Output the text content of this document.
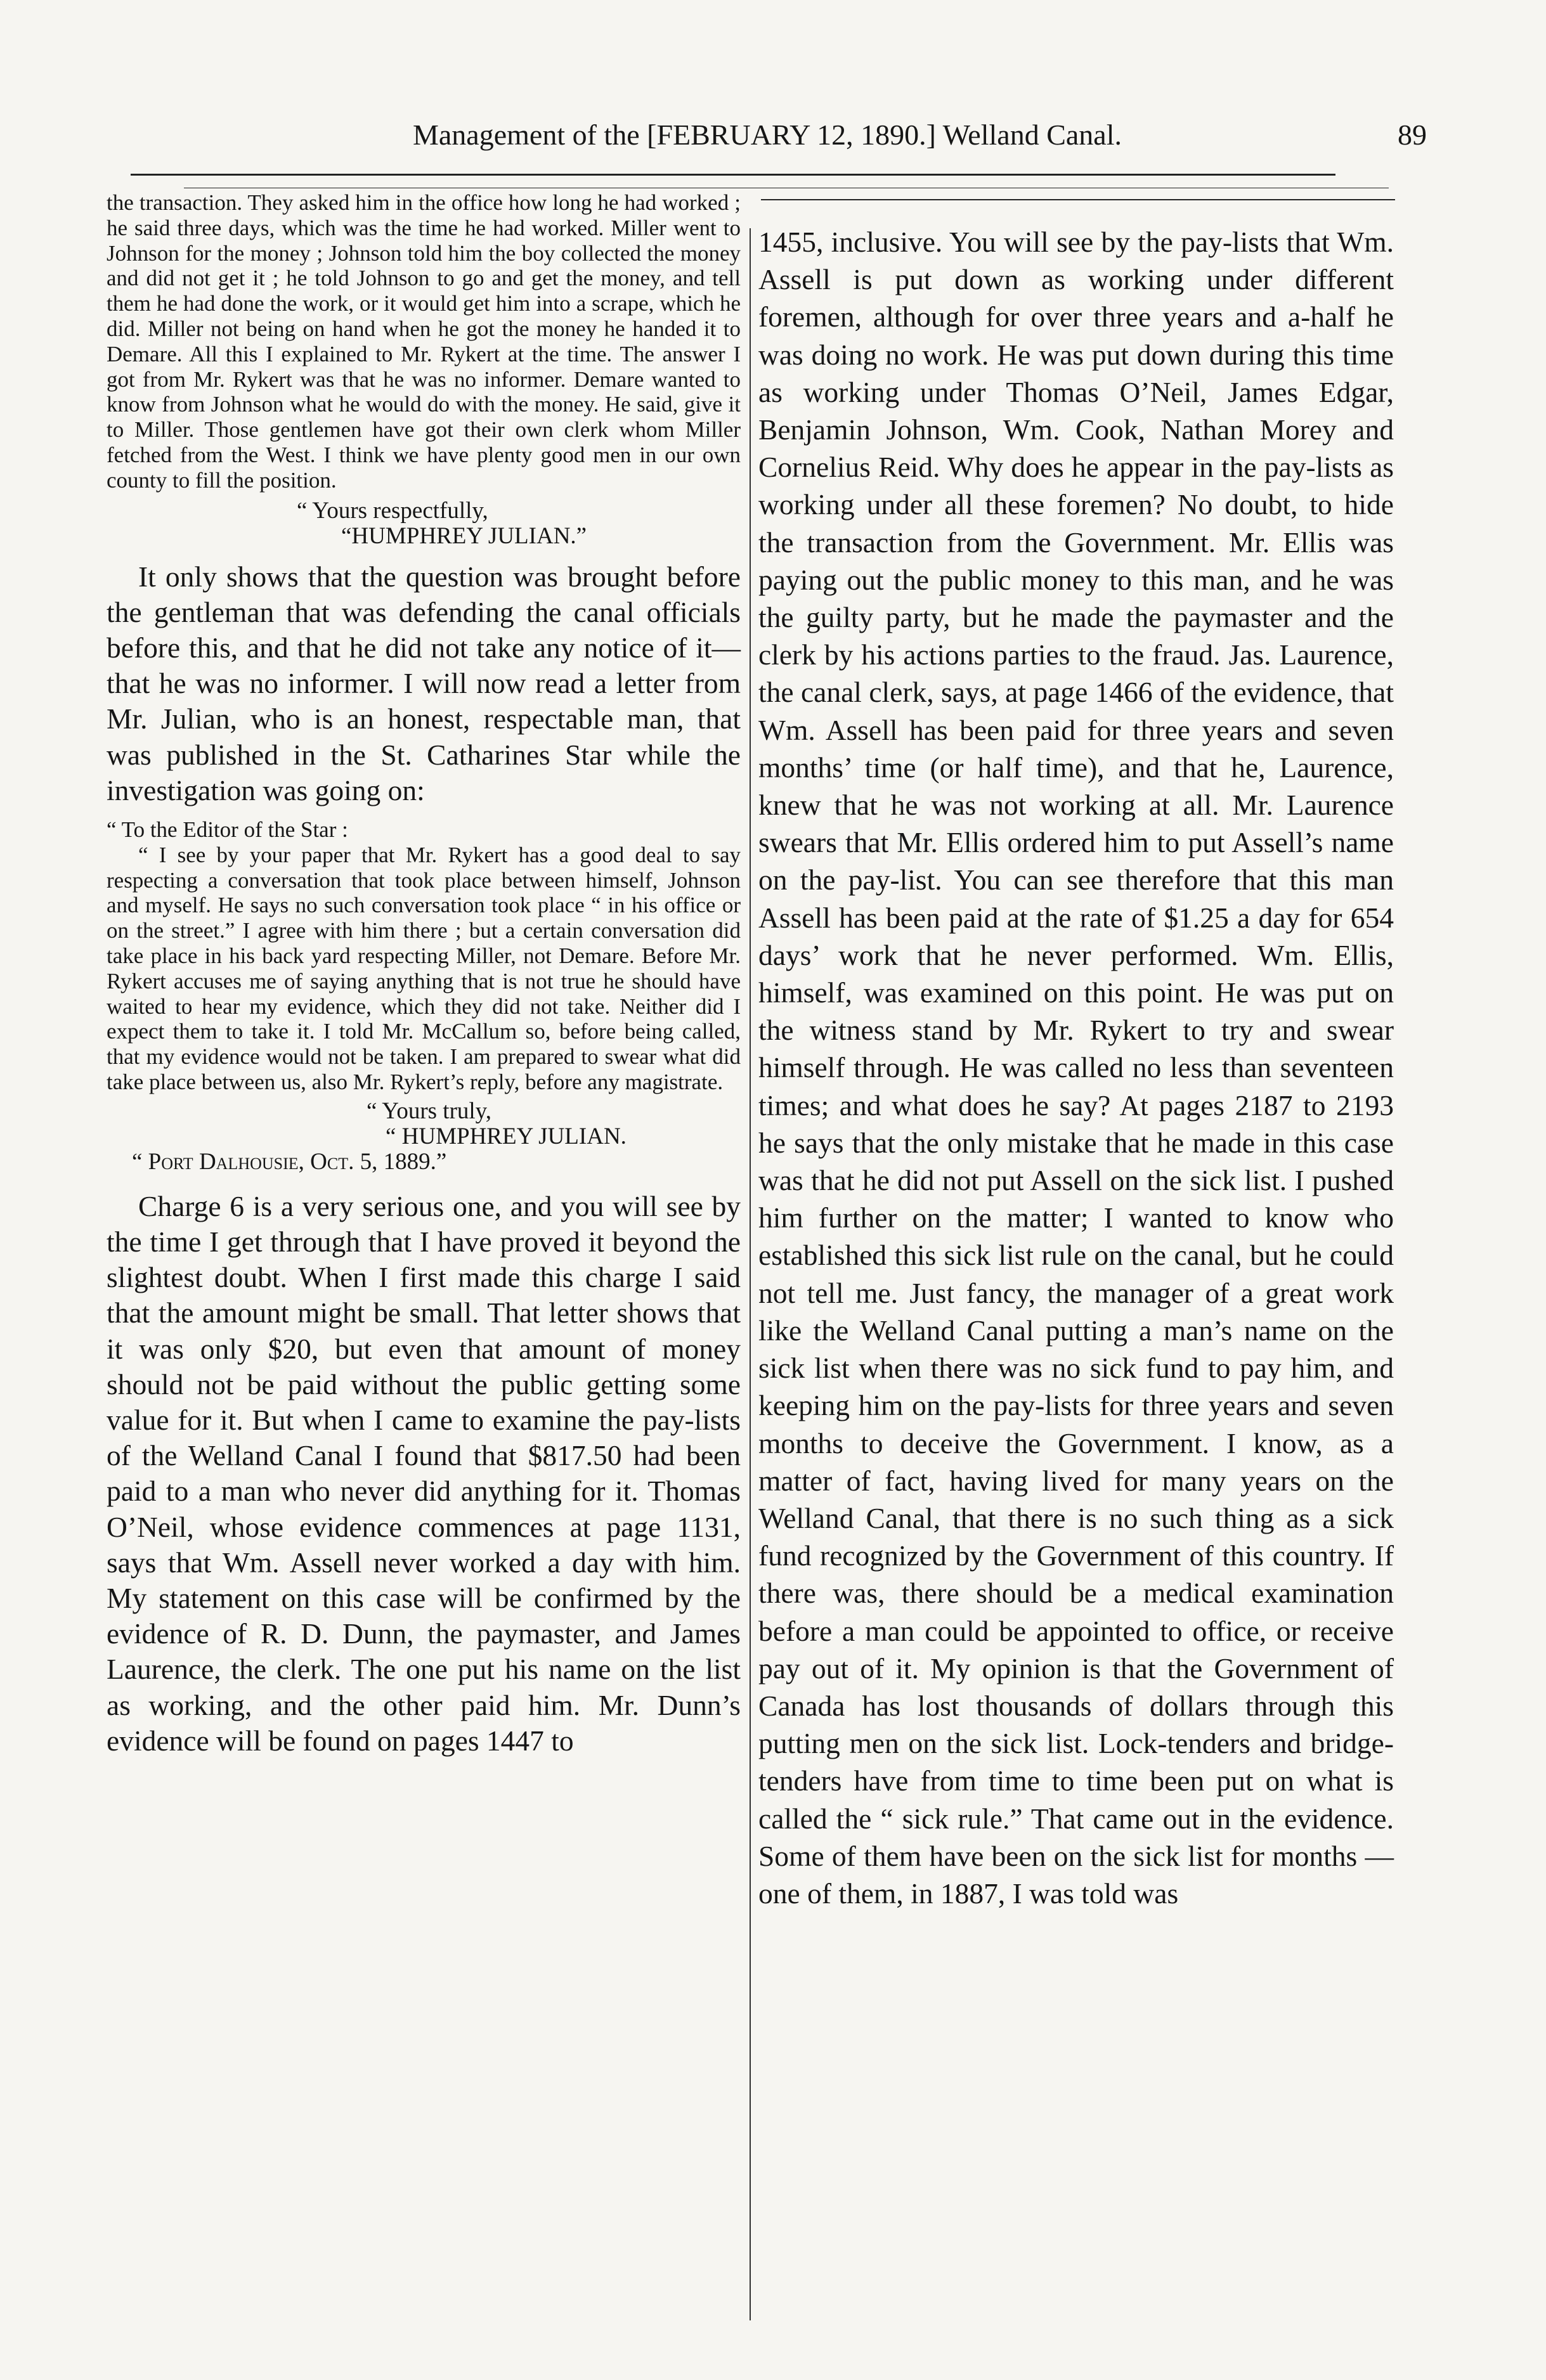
Management of the [FEBRUARY 12, 1890.] Welland Canal.	89

the transaction. They asked him in the office how long he had worked ; he said three days, which was the time he had worked. Miller went to Johnson for the money ; Johnson told him the boy collected the money and did not get it ; he told Johnson to go and get the money, and tell them he had done the work, or it would get him into a scrape, which he did. Miller not being on hand when he got the money he handed it to Demare. All this I explained to Mr. Rykert at the time. The answer I got from Mr. Rykert was that he was no informer. Demare wanted to know from Johnson what he would do with the money. He said, give it to Miller. Those gentlemen have got their own clerk whom Miller fetched from the West. I think we have plenty good men in our own county to fill the position.

“ Yours respectfully,
“HUMPHREY JULIAN.”

It only shows that the question was brought before the gentleman that was defending the canal officials before this, and that he did not take any notice of it—that he was no informer. I will now read a letter from Mr. Julian, who is an honest, respectable man, that was published in the St. Catharines Star while the investigation was going on:

“ To the Editor of the Star :

“ I see by your paper that Mr. Rykert has a good deal to say respecting a conversation that took place between himself, Johnson and myself. He says no such conversation took place “ in his office or on the street.” I agree with him there ; but a certain conversation did take place in his back yard respecting Miller, not Demare. Before Mr. Rykert accuses me of saying anything that is not true he should have waited to hear my evidence, which they did not take. Neither did I expect them to take it. I told Mr. McCallum so, before being called, that my evidence would not be taken. I am prepared to swear what did take place between us, also Mr. Rykert’s reply, before any magistrate.

“ Yours truly,
“ HUMPHREY JULIAN.
“ Port Dalhousie, Oct. 5, 1889.”

Charge 6 is a very serious one, and you will see by the time I get through that I have proved it beyond the slightest doubt. When I first made this charge I said that the amount might be small. That letter shows that it was only $20, but even that amount of money should not be paid without the public getting some value for it. But when I came to examine the pay-lists of the Welland Canal I found that $817.50 had been paid to a man who never did anything for it. Thomas O’Neil, whose evidence commences at page 1131, says that Wm. Assell never worked a day with him. My statement on this case will be confirmed by the evidence of R. D. Dunn, the paymaster, and James Laurence, the clerk. The one put his name on the list as working, and the other paid him. Mr. Dunn’s evidence will be found on pages 1447 to

1455, inclusive. You will see by the pay-lists that Wm. Assell is put down as working under different foremen, although for over three years and a-half he was doing no work. He was put down during this time as working under Thomas O’Neil, James Edgar, Benjamin Johnson, Wm. Cook, Nathan Morey and Cornelius Reid. Why does he appear in the pay-lists as working under all these foremen? No doubt, to hide the transaction from the Government. Mr. Ellis was paying out the public money to this man, and he was the guilty party, but he made the paymaster and the clerk by his actions parties to the fraud. Jas. Laurence, the canal clerk, says, at page 1466 of the evidence, that Wm. Assell has been paid for three years and seven months’ time (or half time), and that he, Laurence, knew that he was not working at all. Mr. Laurence swears that Mr. Ellis ordered him to put Assell’s name on the pay-list. You can see therefore that this man Assell has been paid at the rate of $1.25 a day for 654 days’ work that he never performed. Wm. Ellis, himself, was examined on this point. He was put on the witness stand by Mr. Rykert to try and swear himself through. He was called no less than seventeen times; and what does he say? At pages 2187 to 2193 he says that the only mistake that he made in this case was that he did not put Assell on the sick list. I pushed him further on the matter; I wanted to know who established this sick list rule on the canal, but he could not tell me. Just fancy, the manager of a great work like the Welland Canal putting a man’s name on the sick list when there was no sick fund to pay him, and keeping him on the pay-lists for three years and seven months to deceive the Government. I know, as a matter of fact, having lived for many years on the Welland Canal, that there is no such thing as a sick fund recognized by the Government of this country. If there was, there should be a medical examination before a man could be appointed to office, or receive pay out of it. My opinion is that the Government of Canada has lost thousands of dollars through this putting men on the sick list. Lock-tenders and bridge-tenders have from time to time been put on what is called the “ sick rule.” That came out in the evidence. Some of them have been on the sick list for months —one of them, in 1887, I was told was
